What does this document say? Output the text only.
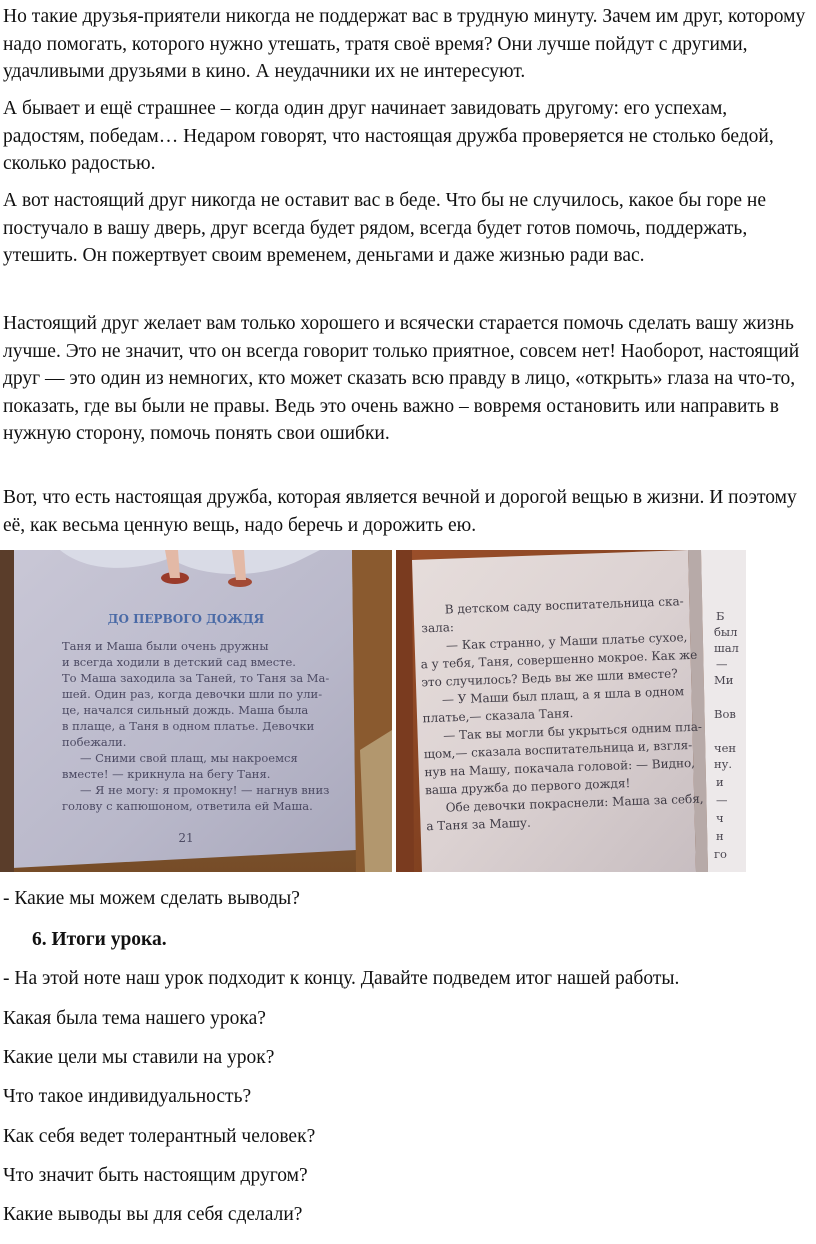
Но такие друзья-приятели никогда не поддержат вас в трудную минуту. Зачем им друг, которому надо помогать, которого нужно утешать, тратя своё время? Они лучше пойдут с другими, удачливыми друзьями в кино. А неудачники их не интересуют.

А бывает и ещё страшнее – когда один друг начинает завидовать другому: его успехам, радостям, победам… Недаром говорят, что настоящая дружба проверяется не столько бедой, сколько радостью.

А вот настоящий друг никогда не оставит вас в беде. Что бы не случилось, какое бы горе не постучало в вашу дверь, друг всегда будет рядом, всегда будет готов помочь, поддержать, утешить. Он пожертвует своим временем, деньгами и даже жизнью ради вас.

Настоящий друг желает вам только хорошего и всячески старается помочь сделать вашу жизнь лучше. Это не значит, что он всегда говорит только приятное, совсем нет! Наоборот, настоящий друг — это один из немногих, кто может сказать всю правду в лицо, «открыть» глаза на что-то, показать, где вы были не правы. Ведь это очень важно – вовремя остановить или направить в нужную сторону, помочь понять свои ошибки.

Вот, что есть настоящая дружба, которая является вечной и дорогой вещью в жизни. И поэтому её, как весьма ценную вещь, надо беречь и дорожить ею.

ДО ПЕРВОГО ДОЖДЯ
Таня и Маша были очень дружны
и всегда ходили в детский сад вместе.
То Маша заходила за Таней, то Таня за Ма-
шей. Один раз, когда девочки шли по ули-
це, начался сильный дождь. Маша была
в плаще, а Таня в одном платье. Девочки
побежали.
— Сними свой плащ, мы накроемся
вместе! — крикнула на бегу Таня.
— Я не могу: я промокну! — нагнув вниз
голову с капюшоном, ответила ей Маша.
21
В детском саду воспитательница ска-
зала:
— Как странно, у Маши платье сухое,
а у тебя, Таня, совершенно мокрое. Как же
это случилось? Ведь вы же шли вместе?
— У Маши был плащ, а я шла в одном
платье,— сказала Таня.
— Так вы могли бы укрыться одним пла-
щом,— сказала воспитательница и, взгля-
нув на Машу, покачала головой: — Видно,
ваша дружба до первого дождя!
Обе девочки покраснели: Маша за себя,
а Таня за Машу.
Б
был
шал
—
Ми
Вов
чен
ну.
и
—
ч
н
го

- Какие мы можем сделать выводы?

6. Итоги урока.

- На этой ноте наш урок подходит к концу. Давайте подведем итог нашей работы.

Какая была тема нашего урока?

Какие цели мы ставили на урок?

Что такое индивидуальность?

Как себя ведет толерантный человек?

Что значит быть настоящим другом?

Какие выводы вы для себя сделали?
